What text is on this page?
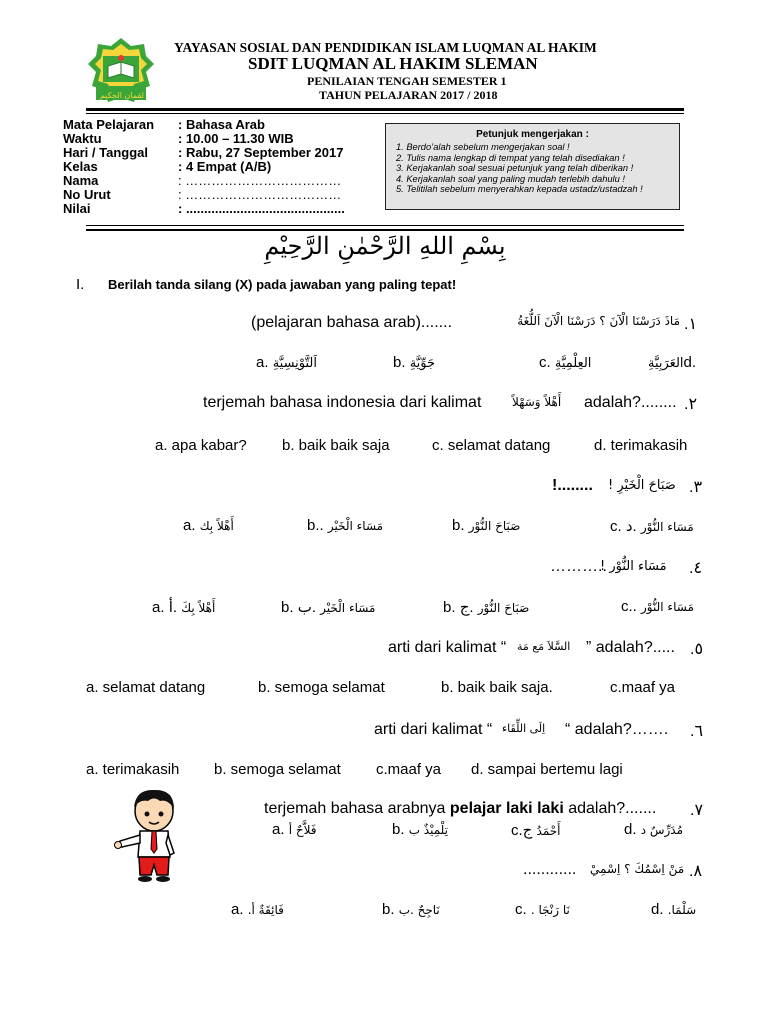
لقمان الحكيم
YAYASAN SOSIAL DAN PENDIDIKAN ISLAM LUQMAN AL HAKIM
SDIT LUQMAN AL HAKIM SLEMAN
PENILAIAN TENGAH SEMESTER 1
TAHUN PELAJARAN 2017 / 2018
Mata Pelajaran : Bahasa Arab
Waktu	: 10.00 – 11.30 WIB
Hari / Tanggal : Rabu, 27 September 2017
Kelas	: 4 Empat (A/B)
Nama	: ………………………………
No Urut	: ………………………………
Nilai	: ............................................
Petunjuk mengerjakan :
1. Berdo’alah sebelum mengerjakan soal !
2. Tulis nama lengkap di tempat yang telah disediakan !
3. Kerjakanlah soal sesuai petunjuk yang telah diberikan !
4. Kerjakanlah soal yang paling mudah terlebih dahulu !
5. Telitilah sebelum menyerahkan kepada ustadz/ustadzah !
بِسْمِ اللهِ الرَّحْمٰنِ الرَّحِيْمِ
I. Berilah tanda silang (X) pada jawaban yang paling tepat!
.١
مَاذَ دَرَسْنَا الْآنَ ؟ دَرَسْنَا الْآنَ اَللُّغَةُ
(pelajaran bahasa arab).......
a. اَلتَّوْنِسِيَّةِ	b. جَوِّيَّةِ	c. العِلْمِيَّةِ	العَرَبِيَّةِd.
.٢
terjemah bahasa indonesia dari kalimat	أَهْلاً وَسَهْلاً adalah?........
a. apa kabar? b. baik baik saja	c. selamat datang	d. terimakasih
.٣
صَبَاحَ الْخَيْرِ !
!........
a. أَهْلاً بِك	b.. مَسَاء الْخَيْر	b. صَبَاحَ النُّوْر	c. د. مَسَاء النُّوْر
.٤
مَسَاء النُّوْر !
………..
a. أ. أَهْلاً بِكَ	b. ب. مَسَاء الْخَيْر	b. ج. صَبَاحَ النُّوْر	c.. مَسَاء النُّوْر
.٥
arti dari kalimat “ السَّلاَ مَع مَة ” adalah?.....
a. selamat datang	b. semoga selamat	b. baik baik saja.	c.maaf ya
.٦
arti dari kalimat “ اِلَى اللِّقَاء “ adalah?…….
a. terimakasih b. semoga selamat c.maaf ya d. sampai bertemu lagi
.٧
terjemah bahasa arabnya pelajar laki laki adalah?.......
a. فَلاَّحٌ أ	b. تِلْمِيْذٌ ب	c.ج أَحْمَدُ	d. مُدَرِّسٌ د
.٨
مَنْ اِسْمُكَ ؟ اِسْمِيْ
............
a. فَائِقَةٌ أ.	b. نَاجِحٌ .ب	c. نَا رَنْجَا .	d. سَلْمَا.
